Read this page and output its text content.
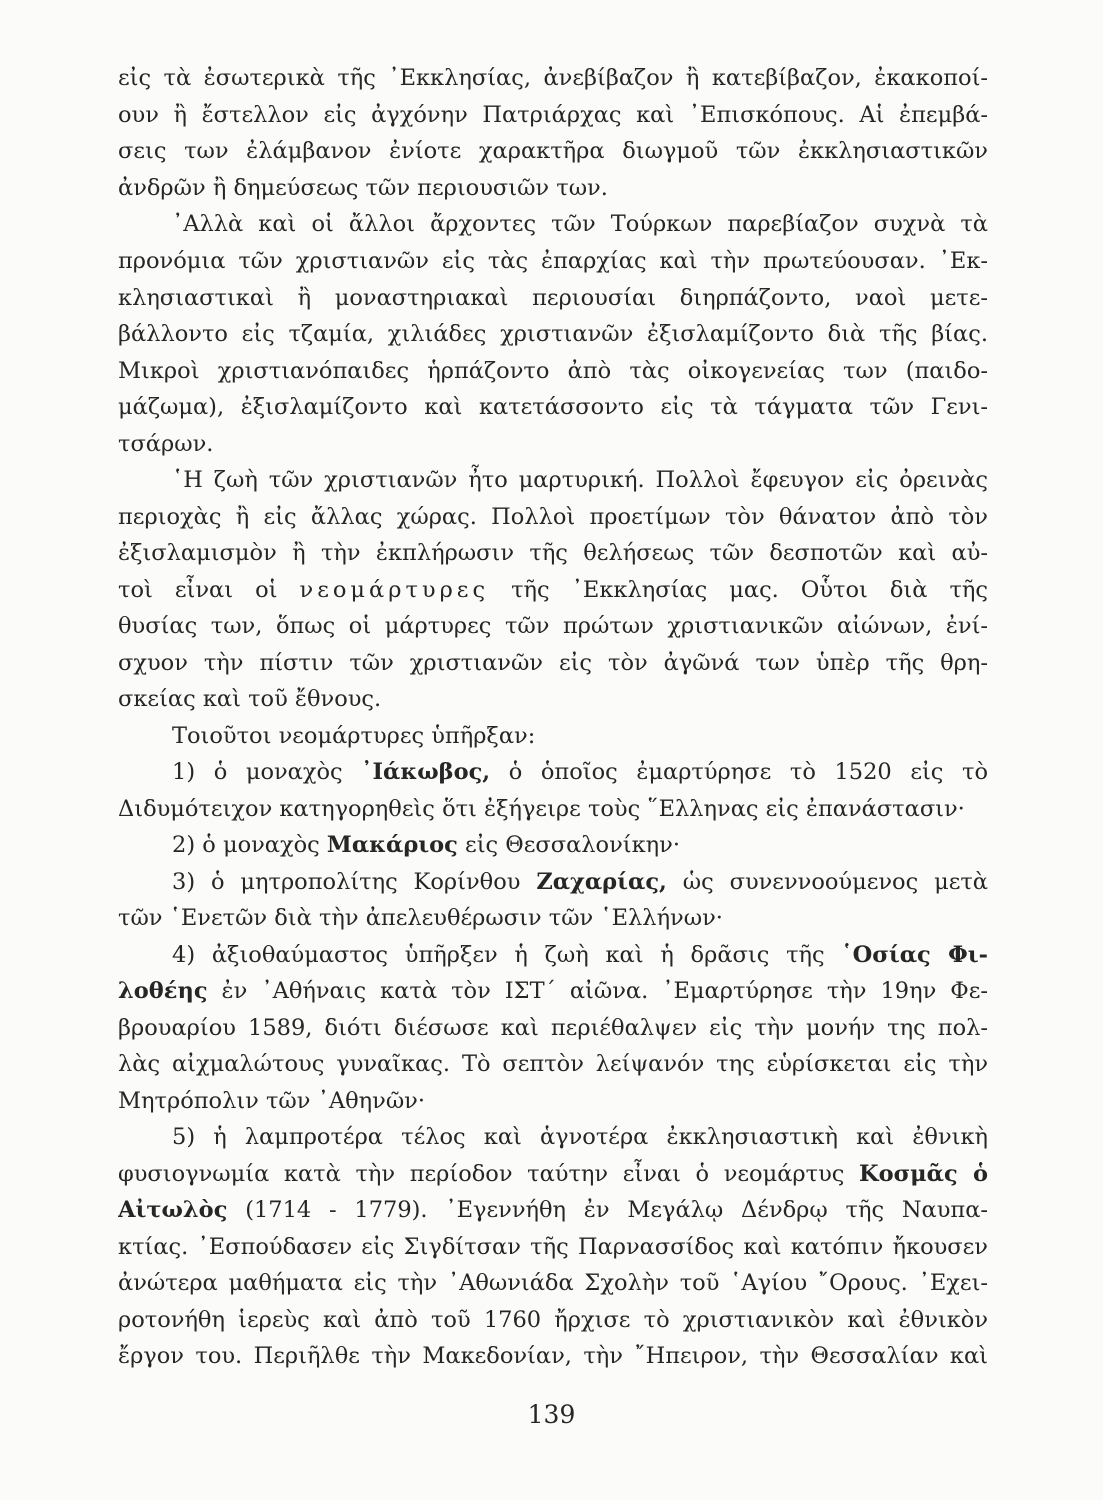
εἰς τὰ ἐσωτερικὰ τῆς ᾿Εκκλησίας, ἀνεβίβαζον ἢ κατεβίβαζον, ἐκακοποί-
ουν ἢ ἔστελλον εἰς ἀγχόνην Πατριάρχας καὶ ᾿Επισκόπους. Αἱ ἐπεμβά-
σεις των ἐλάμβανον ἐνίοτε χαρακτῆρα διωγμοῦ τῶν ἐκκλησιαστικῶν
ἀνδρῶν ἢ δημεύσεως τῶν περιουσιῶν των.
᾿Αλλὰ καὶ οἱ ἄλλοι ἄρχοντες τῶν Τούρκων παρεβίαζον συχνὰ τὰ
προνόμια τῶν χριστιανῶν εἰς τὰς ἐπαρχίας καὶ τὴν πρωτεύουσαν. ᾿Εκ-
κλησιαστικαὶ ἢ μοναστηριακαὶ περιουσίαι διηρπάζοντο, ναοὶ μετε-
βάλλοντο εἰς τζαμία, χιλιάδες χριστιανῶν ἐξισλαμίζοντο διὰ τῆς βίας.
Μικροὶ χριστιανόπαιδες ἡρπάζοντο ἀπὸ τὰς οἰκογενείας των (παιδο-
μάζωμα), ἐξισλαμίζοντο καὶ κατετάσσοντο εἰς τὰ τάγματα τῶν Γενι-
τσάρων.
῾Η ζωὴ τῶν χριστιανῶν ἦτο μαρτυρική. Πολλοὶ ἔφευγον εἰς ὀρεινὰς
περιοχὰς ἢ εἰς ἄλλας χώρας. Πολλοὶ προετίμων τὸν θάνατον ἀπὸ τὸν
ἐξισλαμισμὸν ἢ τὴν ἐκπλήρωσιν τῆς θελήσεως τῶν δεσποτῶν καὶ αὐ-
τοὶ εἶναι οἱ νεομάρτυρες τῆς ᾿Εκκλησίας μας. Οὗτοι διὰ τῆς
θυσίας των, ὅπως οἱ μάρτυρες τῶν πρώτων χριστιανικῶν αἰώνων, ἐνί-
σχυον τὴν πίστιν τῶν χριστιανῶν εἰς τὸν ἀγῶνά των ὑπὲρ τῆς θρη-
σκείας καὶ τοῦ ἔθνους.
Τοιοῦτοι νεομάρτυρες ὑπῆρξαν:
1) ὁ μοναχὸς ᾿Ιάκωβος, ὁ ὁποῖος ἐμαρτύρησε τὸ 1520 εἰς τὸ
Διδυμότειχον κατηγορηθεὶς ὅτι ἐξήγειρε τοὺς ῞Ελληνας εἰς ἐπανάστασιν·
2) ὁ μοναχὸς Μακάριος εἰς Θεσσαλονίκην·
3) ὁ μητροπολίτης Κορίνθου Ζαχαρίας, ὡς συνεννοούμενος μετὰ
τῶν ῾Ενετῶν διὰ τὴν ἀπελευθέρωσιν τῶν ῾Ελλήνων·
4) ἀξιοθαύμαστος ὑπῆρξεν ἡ ζωὴ καὶ ἡ δρᾶσις τῆς ῾Οσίας Φι-
λοθέης ἐν ᾿Αθήναις κατὰ τὸν ΙΣΤ΄ αἰῶνα. ᾿Εμαρτύρησε τὴν 19ην Φε-
βρουαρίου 1589, διότι διέσωσε καὶ περιέθαλψεν εἰς τὴν μονήν της πολ-
λὰς αἰχμαλώτους γυναῖκας. Τὸ σεπτὸν λείψανόν της εὑρίσκεται εἰς τὴν
Μητρόπολιν τῶν ᾿Αθηνῶν·
5) ἡ λαμπροτέρα τέλος καὶ ἁγνοτέρα ἐκκλησιαστικὴ καὶ ἐθνικὴ
φυσιογνωμία κατὰ τὴν περίοδον ταύτην εἶναι ὁ νεομάρτυς Κοσμᾶς ὁ
Αἰτωλὸς (1714 - 1779). ᾿Εγεννήθη ἐν Μεγάλῳ Δένδρῳ τῆς Ναυπα-
κτίας. ᾿Εσπούδασεν εἰς Σιγδίτσαν τῆς Παρνασσίδος καὶ κατόπιν ἤκουσεν
ἀνώτερα μαθήματα εἰς τὴν ᾿Αθωνιάδα Σχολὴν τοῦ ῾Αγίου ῎Ορους. ᾿Εχει-
ροτονήθη ἱερεὺς καὶ ἀπὸ τοῦ 1760 ἤρχισε τὸ χριστιανικὸν καὶ ἐθνικὸν
ἔργον του. Περιῆλθε τὴν Μακεδονίαν, τὴν ῎Ηπειρον, τὴν Θεσσαλίαν καὶ
139
